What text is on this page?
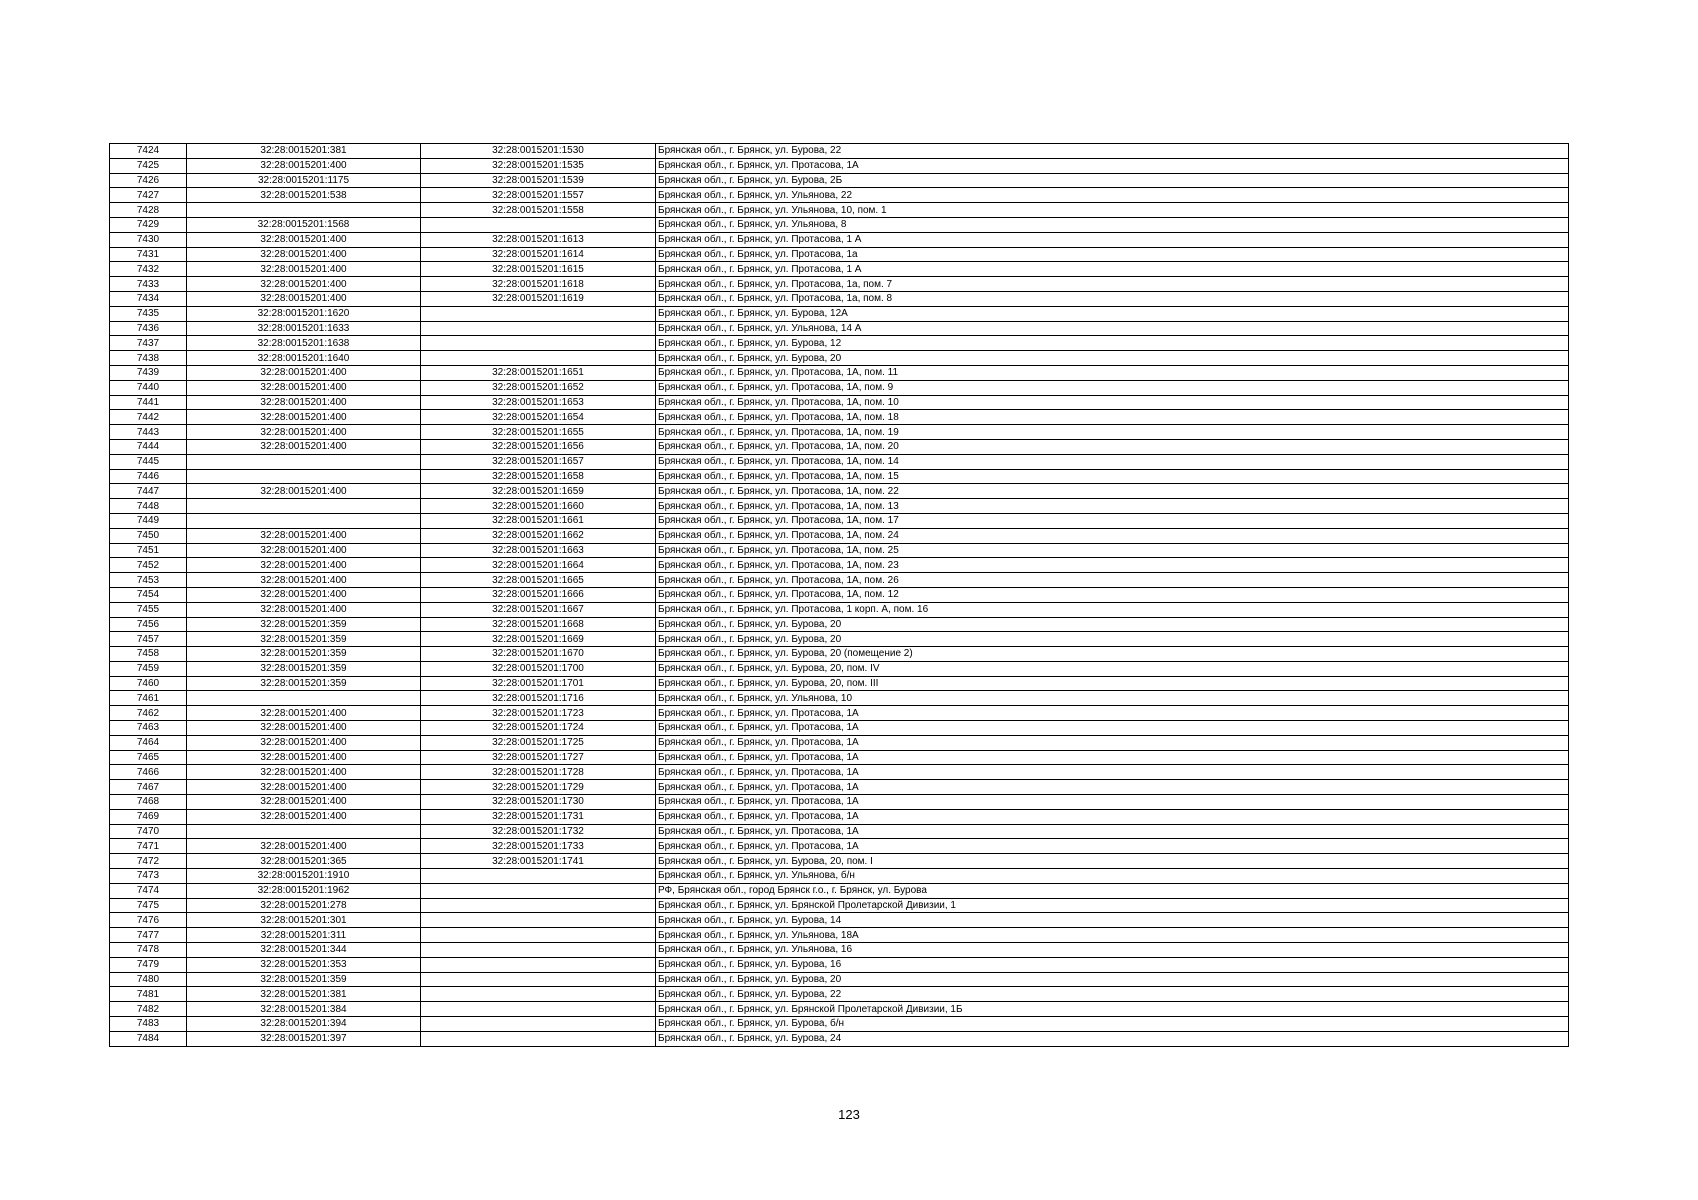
7424	32:28:0015201:381	32:28:0015201:1530	Брянская обл., г. Брянск, ул. Бурова, 22
7425	32:28:0015201:400	32:28:0015201:1535	Брянская обл., г. Брянск, ул. Протасова, 1А
7426	32:28:0015201:1175	32:28:0015201:1539	Брянская обл., г. Брянск, ул. Бурова, 2Б
7427	32:28:0015201:538	32:28:0015201:1557	Брянская обл., г. Брянск, ул. Ульянова, 22
7428		32:28:0015201:1558	Брянская обл., г. Брянск, ул. Ульянова, 10, пом. 1
7429	32:28:0015201:1568		Брянская обл., г. Брянск, ул. Ульянова, 8
7430	32:28:0015201:400	32:28:0015201:1613	Брянская обл., г. Брянск, ул. Протасова, 1 А
7431	32:28:0015201:400	32:28:0015201:1614	Брянская обл., г. Брянск, ул. Протасова, 1а
7432	32:28:0015201:400	32:28:0015201:1615	Брянская обл., г. Брянск, ул. Протасова, 1 А
7433	32:28:0015201:400	32:28:0015201:1618	Брянская обл., г. Брянск, ул. Протасова, 1а, пом. 7
7434	32:28:0015201:400	32:28:0015201:1619	Брянская обл., г. Брянск, ул. Протасова, 1а, пом. 8
7435	32:28:0015201:1620		Брянская обл., г. Брянск, ул. Бурова, 12А
7436	32:28:0015201:1633		Брянская обл., г. Брянск, ул. Ульянова, 14 А
7437	32:28:0015201:1638		Брянская обл., г. Брянск, ул. Бурова, 12
7438	32:28:0015201:1640		Брянская обл., г. Брянск, ул. Бурова, 20
7439	32:28:0015201:400	32:28:0015201:1651	Брянская обл., г. Брянск, ул. Протасова, 1А, пом. 11
7440	32:28:0015201:400	32:28:0015201:1652	Брянская обл., г. Брянск, ул. Протасова, 1А, пом. 9
7441	32:28:0015201:400	32:28:0015201:1653	Брянская обл., г. Брянск, ул. Протасова, 1А, пом. 10
7442	32:28:0015201:400	32:28:0015201:1654	Брянская обл., г. Брянск, ул. Протасова, 1А, пом. 18
7443	32:28:0015201:400	32:28:0015201:1655	Брянская обл., г. Брянск, ул. Протасова, 1А, пом. 19
7444	32:28:0015201:400	32:28:0015201:1656	Брянская обл., г. Брянск, ул. Протасова, 1А, пом. 20
7445		32:28:0015201:1657	Брянская обл., г. Брянск, ул. Протасова, 1А, пом. 14
7446		32:28:0015201:1658	Брянская обл., г. Брянск, ул. Протасова, 1А, пом. 15
7447	32:28:0015201:400	32:28:0015201:1659	Брянская обл., г. Брянск, ул. Протасова, 1А, пом. 22
7448		32:28:0015201:1660	Брянская обл., г. Брянск, ул. Протасова, 1А, пом. 13
7449		32:28:0015201:1661	Брянская обл., г. Брянск, ул. Протасова, 1А, пом. 17
7450	32:28:0015201:400	32:28:0015201:1662	Брянская обл., г. Брянск, ул. Протасова, 1А, пом. 24
7451	32:28:0015201:400	32:28:0015201:1663	Брянская обл., г. Брянск, ул. Протасова, 1А, пом. 25
7452	32:28:0015201:400	32:28:0015201:1664	Брянская обл., г. Брянск, ул. Протасова, 1А, пом. 23
7453	32:28:0015201:400	32:28:0015201:1665	Брянская обл., г. Брянск, ул. Протасова, 1А, пом. 26
7454	32:28:0015201:400	32:28:0015201:1666	Брянская обл., г. Брянск, ул. Протасова, 1А, пом. 12
7455	32:28:0015201:400	32:28:0015201:1667	Брянская обл., г. Брянск, ул. Протасова, 1 корп. А, пом. 16
7456	32:28:0015201:359	32:28:0015201:1668	Брянская обл., г. Брянск, ул. Бурова, 20
7457	32:28:0015201:359	32:28:0015201:1669	Брянская обл., г. Брянск, ул. Бурова, 20
7458	32:28:0015201:359	32:28:0015201:1670	Брянская обл., г. Брянск, ул. Бурова, 20 (помещение 2)
7459	32:28:0015201:359	32:28:0015201:1700	Брянская обл., г. Брянск, ул. Бурова, 20, пом. IV
7460	32:28:0015201:359	32:28:0015201:1701	Брянская обл., г. Брянск, ул. Бурова, 20, пом. III
7461		32:28:0015201:1716	Брянская обл., г. Брянск, ул. Ульянова, 10
7462	32:28:0015201:400	32:28:0015201:1723	Брянская обл., г. Брянск, ул. Протасова, 1А
7463	32:28:0015201:400	32:28:0015201:1724	Брянская обл., г. Брянск, ул. Протасова, 1А
7464	32:28:0015201:400	32:28:0015201:1725	Брянская обл., г. Брянск, ул. Протасова, 1А
7465	32:28:0015201:400	32:28:0015201:1727	Брянская обл., г. Брянск, ул. Протасова, 1А
7466	32:28:0015201:400	32:28:0015201:1728	Брянская обл., г. Брянск, ул. Протасова, 1А
7467	32:28:0015201:400	32:28:0015201:1729	Брянская обл., г. Брянск, ул. Протасова, 1А
7468	32:28:0015201:400	32:28:0015201:1730	Брянская обл., г. Брянск, ул. Протасова, 1А
7469	32:28:0015201:400	32:28:0015201:1731	Брянская обл., г. Брянск, ул. Протасова, 1А
7470		32:28:0015201:1732	Брянская обл., г. Брянск, ул. Протасова, 1А
7471	32:28:0015201:400	32:28:0015201:1733	Брянская обл., г. Брянск, ул. Протасова, 1А
7472	32:28:0015201:365	32:28:0015201:1741	Брянская обл., г. Брянск, ул. Бурова, 20, пом. I
7473	32:28:0015201:1910		Брянская обл., г. Брянск, ул. Ульянова, б/н
7474	32:28:0015201:1962		РФ, Брянская обл., город Брянск г.о., г. Брянск, ул. Бурова
7475	32:28:0015201:278		Брянская обл., г. Брянск, ул. Брянской Пролетарской Дивизии, 1
7476	32:28:0015201:301		Брянская обл., г. Брянск, ул. Бурова, 14
7477	32:28:0015201:311		Брянская обл., г. Брянск, ул. Ульянова, 18А
7478	32:28:0015201:344		Брянская обл., г. Брянск, ул. Ульянова, 16
7479	32:28:0015201:353		Брянская обл., г. Брянск, ул. Бурова, 16
7480	32:28:0015201:359		Брянская обл., г. Брянск, ул. Бурова, 20
7481	32:28:0015201:381		Брянская обл., г. Брянск, ул. Бурова, 22
7482	32:28:0015201:384		Брянская обл., г. Брянск, ул. Брянской Пролетарской Дивизии, 1Б
7483	32:28:0015201:394		Брянская обл., г. Брянск, ул. Бурова, б/н
7484	32:28:0015201:397		Брянская обл., г. Брянск, ул. Бурова, 24
123
